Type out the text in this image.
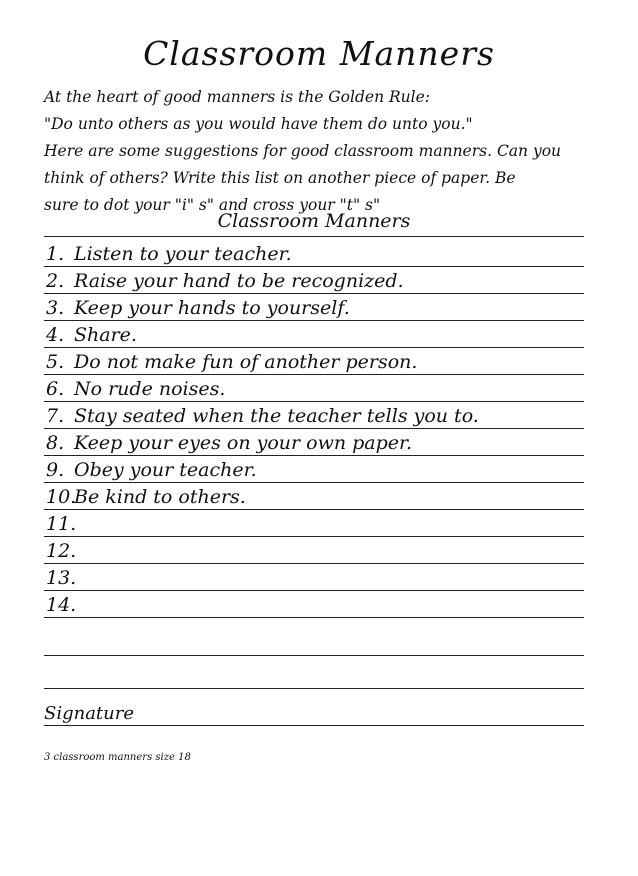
Classroom Manners
At the heart of good manners is the Golden Rule:
"Do unto others as you would have them do unto you."
Here are some suggestions for good classroom manners. Can you
think of others? Write this list on another piece of paper. Be
sure to dot your "i" s" and cross your "t" s"
Classroom Manners
1. Listen to your teacher.
2. Raise your hand to be recognized.
3. Keep your hands to yourself.
4. Share.
5. Do not make fun of another person.
6. No rude noises.
7. Stay seated when the teacher tells you to.
8. Keep your eyes on your own paper.
9. Obey your teacher.
10.
Be kind to others.
11.
12.
13.
14.
Signature
3 classroom manners size 18
